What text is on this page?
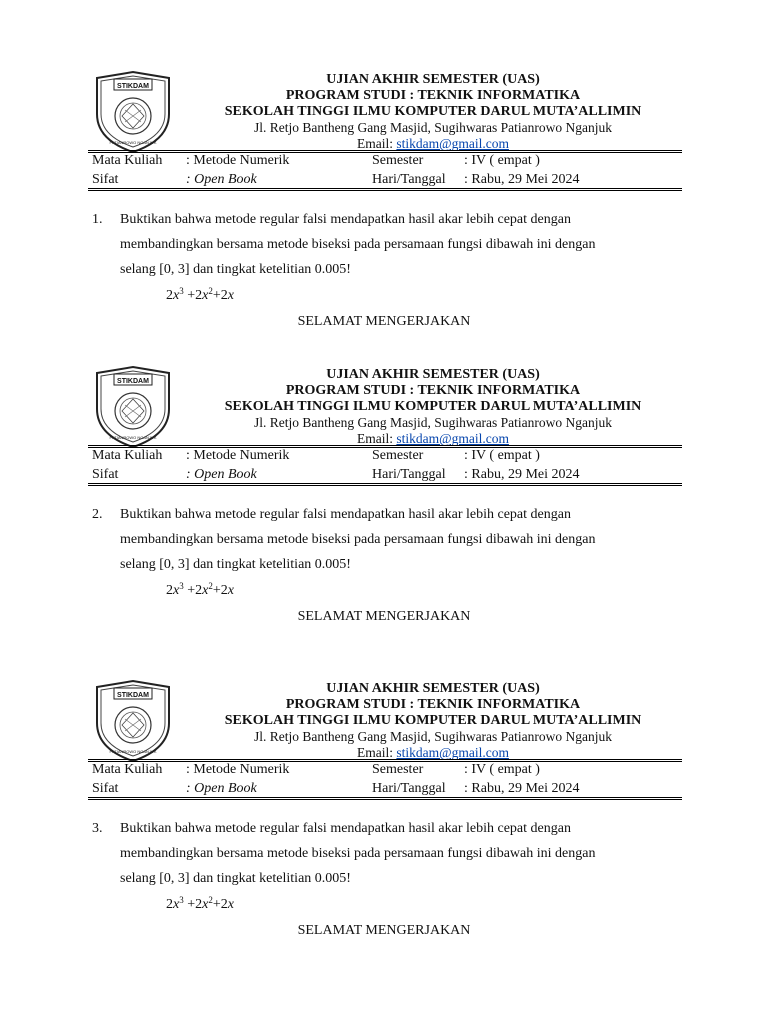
STIKDAM
PATIANROWO NGANJUK
UJIAN AKHIR SEMESTER (UAS)
PROGRAM STUDI : TEKNIK INFORMATIKA
SEKOLAH TINGGI ILMU KOMPUTER DARUL MUTA’ALLIMIN
Jl. Retjo Bantheng Gang Masjid, Sugihwaras Patianrowo Nganjuk
Email: stikdam@gmail.com
Mata Kuliah : Metode Numerik	Semester	: IV ( empat )
Sifat	: Open Book	Hari/Tanggal : Rabu, 29 Mei 2024
1. Buktikan bahwa metode regular falsi mendapatkan hasil akar lebih cepat dengan
membandingkan bersama metode biseksi pada persamaan fungsi dibawah ini dengan
selang [0, 3] dan tingkat ketelitian 0.005!
$2x^3 +2x^2+2x$
SELAMAT MENGERJAKAN
STIKDAM
PATIANROWO NGANJUK
UJIAN AKHIR SEMESTER (UAS)
PROGRAM STUDI : TEKNIK INFORMATIKA
SEKOLAH TINGGI ILMU KOMPUTER DARUL MUTA’ALLIMIN
Jl. Retjo Bantheng Gang Masjid, Sugihwaras Patianrowo Nganjuk
Email: stikdam@gmail.com
Mata Kuliah : Metode Numerik	Semester	: IV ( empat )
Sifat	: Open Book	Hari/Tanggal : Rabu, 29 Mei 2024
2. Buktikan bahwa metode regular falsi mendapatkan hasil akar lebih cepat dengan
membandingkan bersama metode biseksi pada persamaan fungsi dibawah ini dengan
selang [0, 3] dan tingkat ketelitian 0.005!
$2x^3 +2x^2+2x$
SELAMAT MENGERJAKAN
STIKDAM
PATIANROWO NGANJUK
UJIAN AKHIR SEMESTER (UAS)
PROGRAM STUDI : TEKNIK INFORMATIKA
SEKOLAH TINGGI ILMU KOMPUTER DARUL MUTA’ALLIMIN
Jl. Retjo Bantheng Gang Masjid, Sugihwaras Patianrowo Nganjuk
Email: stikdam@gmail.com
Mata Kuliah : Metode Numerik	Semester	: IV ( empat )
Sifat	: Open Book	Hari/Tanggal : Rabu, 29 Mei 2024
3. Buktikan bahwa metode regular falsi mendapatkan hasil akar lebih cepat dengan
membandingkan bersama metode biseksi pada persamaan fungsi dibawah ini dengan
selang [0, 3] dan tingkat ketelitian 0.005!
$2x^3 +2x^2+2x$
SELAMAT MENGERJAKAN
